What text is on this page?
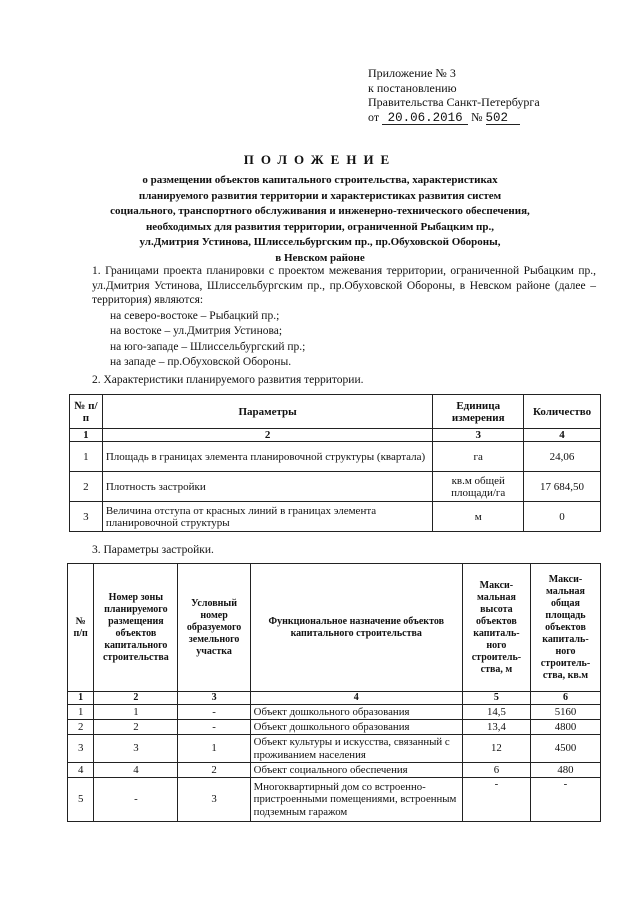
Приложение № 3
к постановлению
Правительства Санкт-Петербурга
от 20.06.2016 № 502
ПОЛОЖЕНИЕ
о размещении объектов капитального строительства, характеристиках
планируемого развития территории и характеристиках развития систем
социального, транспортного обслуживания и инженерно-технического обеспечения,
необходимых для развития территории, ограниченной Рыбацким пр.,
ул.Дмитрия Устинова, Шлиссельбургским пр., пр.Обуховской Обороны,
в Невском районе
1. Границами проекта планировки с проектом межевания территории, ограниченной Рыбацким пр., ул.Дмитрия Устинова, Шлиссельбургским пр., пр.Обуховской Обороны, в Невском районе (далее – территория) являются:
на северо-востоке – Рыбацкий пр.;
на востоке – ул.Дмитрия Устинова;
на юго-западе – Шлиссельбургский пр.;
на западе – пр.Обуховской Обороны.
2. Характеристики планируемого развития территории.
№ п/п	Параметры	Единица измерения	Количество
1	2	3	4
1	Площадь в границах элемента планировочной структуры (квартала)	га	24,06
2	Плотность застройки	кв.м общей площади/га	17 684,50
3	Величина отступа от красных линий в границах элемента планировочной структуры	м	0
3. Параметры застройки.
№ п/п	Номер зоны планируемого размещения объектов капитального строительства	Условный номер образуемого земельного участка	Функциональное назначение объектов капитального строительства	Макси-мальная высота объектов капиталь-ного строитель-ства, м	Макси-мальная общая площадь объектов капиталь-ного строитель-ства, кв.м
1	2	3	4	5	6
1	1	-	Объект дошкольного образования	14,5	5160
2	2	-	Объект дошкольного образования	13,4	4800
3	3	1	Объект культуры и искусства, связанный с проживанием населения	12	4500
4	4	2	Объект социального обеспечения	6	480
5	-	3	Многоквартирный дом со встроенно-пристроенными помещениями, встроенным подземным гаражом	-	-
